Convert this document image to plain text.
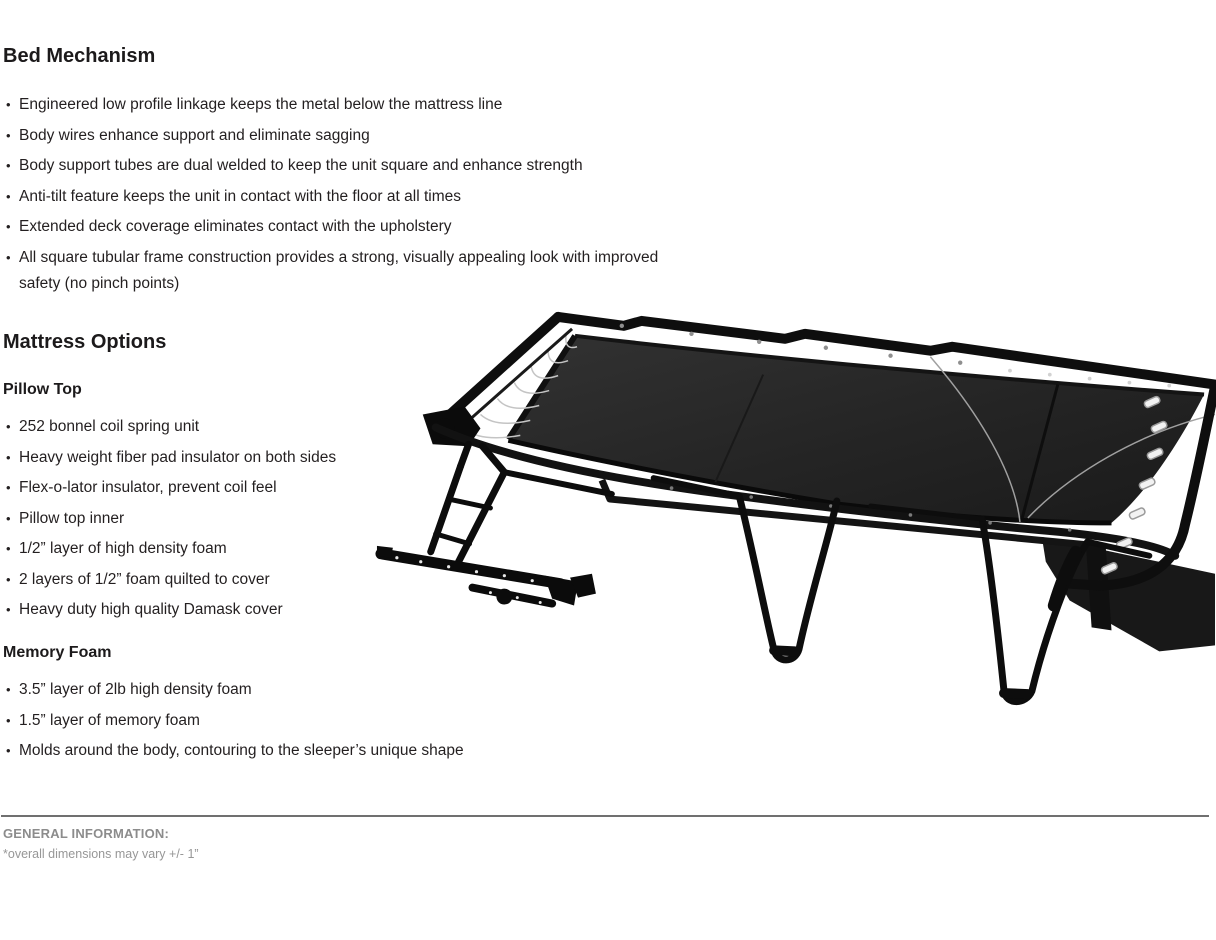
Bed Mechanism
• Engineered low profile linkage keeps the metal below the mattress line
• Body wires enhance support and eliminate sagging
• Body support tubes are dual welded to keep the unit square and enhance strength
• Anti-tilt feature keeps the unit in contact with the floor at all times
• Extended deck coverage eliminates contact with the upholstery
• All square tubular frame construction provides a strong, visually appealing look with improved safety (no pinch points)
Mattress Options
Pillow Top
• 252 bonnel coil spring unit
• Heavy weight fiber pad insulator on both sides
• Flex-o-lator insulator, prevent coil feel
• Pillow top inner
• 1/2” layer of high density foam
• 2 layers of 1/2” foam quilted to cover
• Heavy duty high quality Damask cover
Memory Foam
• 3.5” layer of 2lb high density foam
• 1.5” layer of memory foam
• Molds around the body, contouring to the sleeper’s unique shape
GENERAL INFORMATION:
*overall dimensions may vary +/- 1”
